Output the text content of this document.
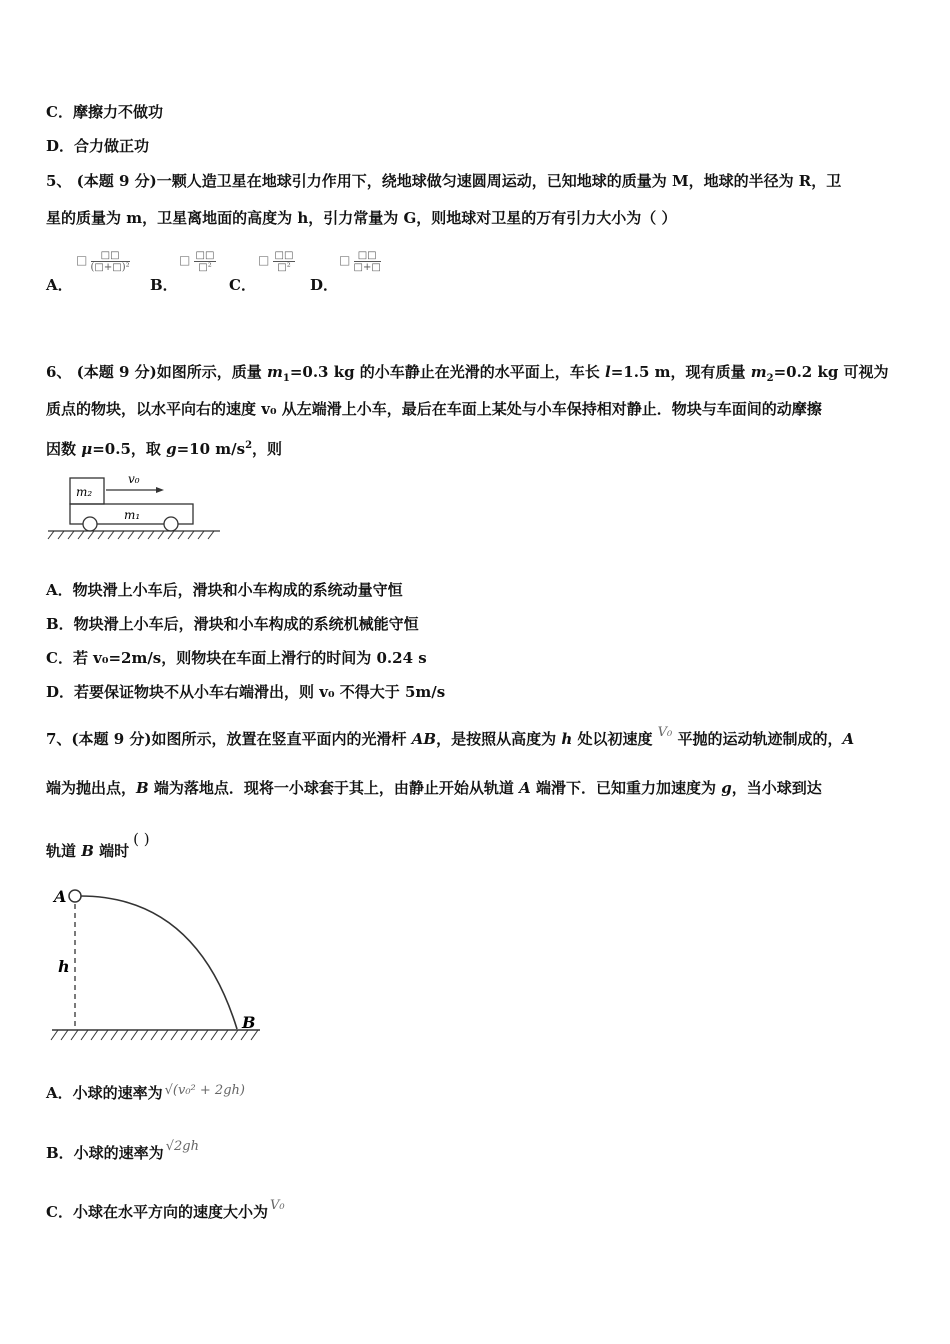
C．摩擦力不做功
D．合力做正功
5、 (本题 9 分)一颗人造卫星在地球引力作用下，绕地球做匀速圆周运动，已知地球的质量为 M，地球的半径为 R，卫
星的质量为 m，卫星离地面的高度为 h，引力常量为 G，则地球对卫星的万有引力大小为（ ）
A．
□ $\frac{□□}{\text{(□+□)²}}$
B．
□ $\frac{□□}{\text{□²}}$
C．
□ $\frac{□□}{\text{□²}}$
D．
□ $\frac{□□}{□+□}$
6、 (本题 9 分)如图所示，质量 $m_1=0.3$ kg 的小车静止在光滑的水平面上，车长 l=1.5 m，现有质量 $m_2=0.2$ kg 可视为
质点的物块，以水平向右的速度 v₀ 从左端滑上小车，最后在车面上某处与小车保持相对静止．物块与车面间的动摩擦
因数 μ=0.5，取 g=10 $m/s^2$，则
v₀
m₂
m₁
A．物块滑上小车后，滑块和小车构成的系统动量守恒
B．物块滑上小车后，滑块和小车构成的系统机械能守恒
C．若 v₀=2m/s，则物块在车面上滑行的时间为 0.24 s
D．若要保证物块不从小车右端滑出，则 v₀ 不得大于 5m/s
7、(本题 9 分)如图所示，放置在竖直平面内的光滑杆 AB，是按照从高度为 h 处以初速度 V₀ 平抛的运动轨迹制成的，A
端为抛出点，B 端为落地点．现将一小球套于其上，由静止开始从轨道 A 端滑下．已知重力加速度为 g，当小球到达
轨道 B 端时( )
A
h
B
A．小球的速率为 √(v₀² + 2gh)
B．小球的速率为 √2gh
C．小球在水平方向的速度大小为 V₀
